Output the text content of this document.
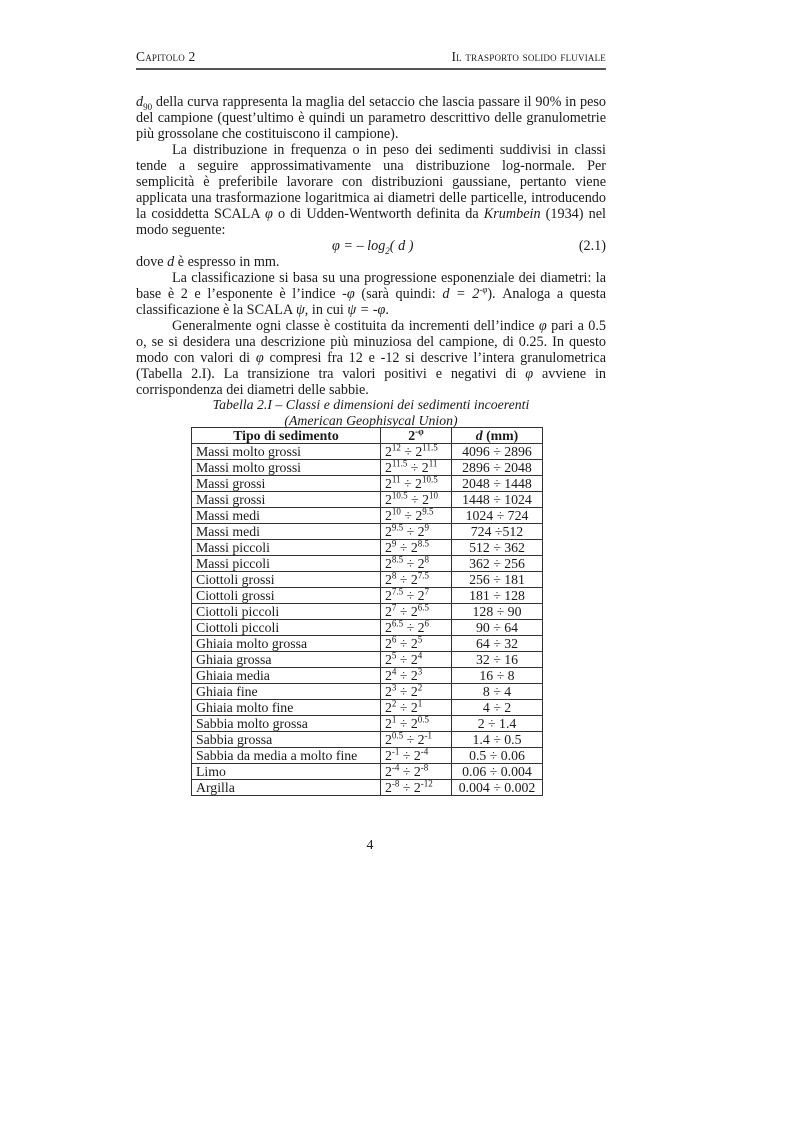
Capitolo 2	Il trasporto solido fluviale

$d_{90}$ della curva rappresenta la maglia del setaccio che lascia passare il 90% in peso del campione (quest’ultimo è quindi un parametro descrittivo delle granulometrie più grossolane che costituiscono il campione).

La distribuzione in frequenza o in peso dei sedimenti suddivisi in classi tende a seguire approssimativamente una distribuzione log-normale. Per semplicità è preferibile lavorare con distribuzioni gaussiane, pertanto viene applicata una trasformazione logaritmica ai diametri delle particelle, introducendo la cosiddetta SCALA φ o di Udden-Wentworth definita da Krumbein (1934) nel modo seguente:

φ = – $\log_2$( d )	(2.1)

dove d è espresso in mm.

La classificazione si basa su una progressione esponenziale dei diametri: la base è 2 e l’esponente è l’indice -φ (sarà quindi: $d = 2^{-\varphi}$). Analoga a questa classificazione è la SCALA ψ, in cui ψ = -φ.

Generalmente ogni classe è costituita da incrementi dell’indice φ pari a 0.5 o, se si desidera una descrizione più minuziosa del campione, di 0.25. In questo modo con valori di φ compresi fra 12 e -12 si descrive l’intera granulometrica (Tabella 2.I). La transizione tra valori positivi e negativi di φ avviene in corrispondenza dei diametri delle sabbie.

Tabella 2.I – Classi e dimensioni dei sedimenti incoerenti
(American Geophisycal Union)
Tipo di sedimento	$2^{-\varphi}$	d (mm)
Massi molto grossi	$2^{12} \div 2^{11.5}$	4096 ÷ 2896
Massi molto grossi	$2^{11.5} \div 2^{11}$	2896 ÷ 2048
Massi grossi	$2^{11} \div 2^{10.5}$	2048 ÷ 1448
Massi grossi	$2^{10.5} \div 2^{10}$	1448 ÷ 1024
Massi medi	$2^{10} \div 2^{9.5}$	1024 ÷ 724
Massi medi	$2^{9.5} \div 2^9$	724 ÷512
Massi piccoli	$2^9 \div 2^{8.5}$	512 ÷ 362
Massi piccoli	$2^{8.5} \div 2^8$	362 ÷ 256
Ciottoli grossi	$2^8 \div 2^{7.5}$	256 ÷ 181
Ciottoli grossi	$2^{7.5} \div 2^7$	181 ÷ 128
Ciottoli piccoli	$2^7 \div 2^{6.5}$	128 ÷ 90
Ciottoli piccoli	$2^{6.5} \div 2^6$	90 ÷ 64
Ghiaia molto grossa	$2^6 \div 2^5$	64 ÷ 32
Ghiaia grossa	$2^5 \div 2^4$	32 ÷ 16
Ghiaia media	$2^4 \div 2^3$	16 ÷ 8
Ghiaia fine	$2^3 \div 2^2$	8 ÷ 4
Ghiaia molto fine	$2^2 \div 2^1$	4 ÷ 2
Sabbia molto grossa	$2^1 \div 2^{0.5}$	2 ÷ 1.4
Sabbia grossa	$2^{0.5} \div 2^{-1}$	1.4 ÷ 0.5
Sabbia da media a molto fine	$2^{-1} \div 2^{-4}$	0.5 ÷ 0.06
Limo	$2^{-4} \div 2^{-8}$	0.06 ÷ 0.004
Argilla	$2^{-8} \div 2^{-12}$	0.004 ÷ 0.002
4
